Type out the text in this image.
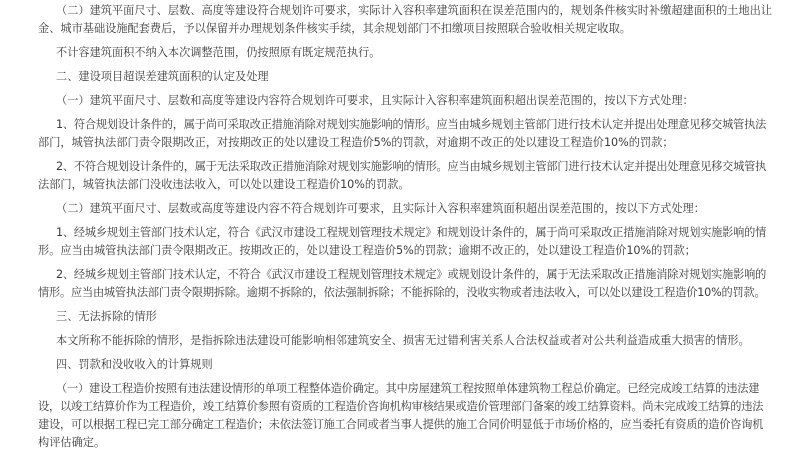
（二）建筑平面尺寸、层数、高度等建设符合规划许可要求，实际计入容积率建筑面积在误差范围内的，规划条件核实时补缴超建面积的土地出让
金、城市基础设施配套费后，予以保留并办理规划条件核实手续，其余规划部门不扣缴项目按照联合验收相关规定收取。
不计容建筑面积不纳入本次调整范围，仍按照原有既定规范执行。
二、建设项目超误差建筑面积的认定及处理
（一）建筑平面尺寸、层数和高度等建设内容符合规划许可要求，且实际计入容积率建筑面积超出误差范围的，按以下方式处理：
1、符合规划设计条件的，属于尚可采取改正措施消除对规划实施影响的情形。应当由城乡规划主管部门进行技术认定并提出处理意见移交城管执法
部门，城管执法部门责令限期改正，对按期改正的处以建设工程造价5%的罚款，对逾期不改正的处以建设工程造价10%的罚款；
2、不符合规划设计条件的，属于无法采取改正措施消除对规划实施影响的情形。应当由城乡规划主管部门进行技术认定并提出处理意见移交城管执
法部门，城管执法部门没收违法收入，可以处以建设工程造价10%的罚款。
（二）建筑平面尺寸、层数或高度等建设内容不符合规划许可要求，且实际计入容积率建筑面积超出误差范围的，按以下方式处理：
1、经城乡规划主管部门技术认定，符合《武汉市建设工程规划管理技术规定》和规划设计条件的，属于尚可采取改正措施消除对规划实施影响的情
形。应当由城管执法部门责令限期改正。按期改正的，处以建设工程造价5%的罚款；逾期不改正的，处以建设工程造价10%的罚款；
2、经城乡规划主管部门技术认定，不符合《武汉市建设工程规划管理技术规定》或规划设计条件的，属于无法采取改正措施消除对规划实施影响的
情形。应当由城管执法部门责令限期拆除。逾期不拆除的，依法强制拆除；不能拆除的，没收实物或者违法收入，可以处以建设工程造价10%的罚款。
三、无法拆除的情形
本文所称不能拆除的情形，是指拆除违法建设可能影响相邻建筑安全、损害无过错利害关系人合法权益或者对公共利益造成重大损害的情形。
四、罚款和没收收入的计算规则
（一）建设工程造价按照有违法建设情形的单项工程整体造价确定。其中房屋建筑工程按照单体建筑物工程总价确定。已经完成竣工结算的违法建
设，以竣工结算价作为工程造价，竣工结算价参照有资质的工程造价咨询机构审核结果或造价管理部门备案的竣工结算资料。尚未完成竣工结算的违法
建设，可以根据工程已完工部分确定工程造价；未依法签订施工合同或者当事人提供的施工合同价明显低于市场价格的，应当委托有资质的造价咨询机
构评估确定。
